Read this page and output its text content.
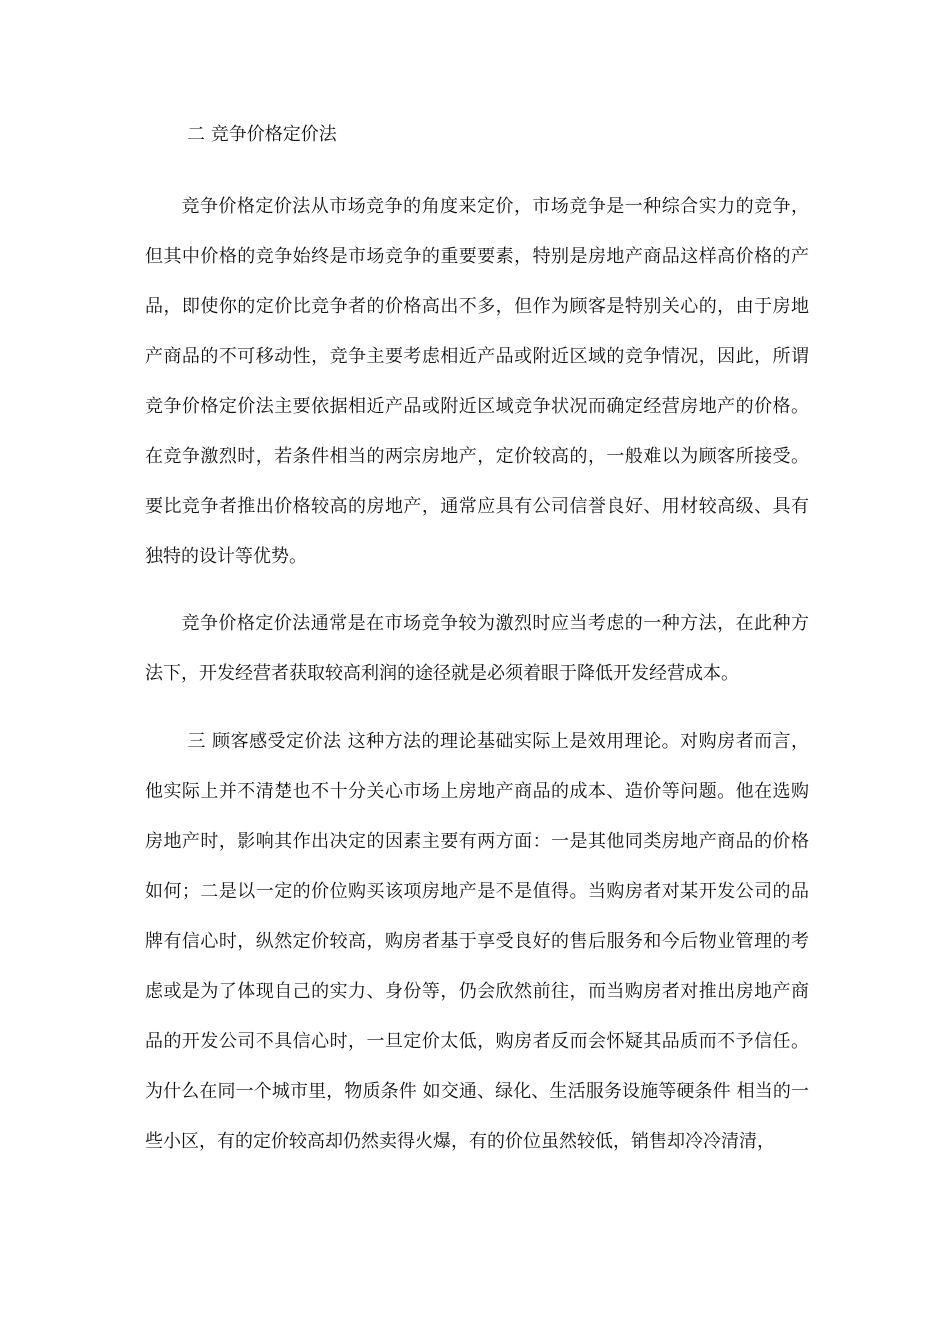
二 竞争价格定价法
竞争价格定价法从市场竞争的角度来定价，市场竞争是一种综合实力的竞争，但其中价格的竞争始终是市场竞争的重要要素，特别是房地产商品这样高价格的产品，即使你的定价比竞争者的价格高出不多，但作为顾客是特别关心的，由于房地产商品的不可移动性，竞争主要考虑相近产品或附近区域的竞争情况，因此，所谓竞争价格定价法主要依据相近产品或附近区域竞争状况而确定经营房地产的价格。在竞争激烈时，若条件相当的两宗房地产，定价较高的，一般难以为顾客所接受。要比竞争者推出价格较高的房地产，通常应具有公司信誉良好、用材较高级、具有独特的设计等优势。
竞争价格定价法通常是在市场竞争较为激烈时应当考虑的一种方法，在此种方法下，开发经营者获取较高利润的途径就是必须着眼于降低开发经营成本。
三 顾客感受定价法 这种方法的理论基础实际上是效用理论。对购房者而言，他实际上并不清楚也不十分关心市场上房地产商品的成本、造价等问题。他在选购房地产时，影响其作出决定的因素主要有两方面：一是其他同类房地产商品的价格如何；二是以一定的价位购买该项房地产是不是值得。当购房者对某开发公司的品牌有信心时，纵然定价较高，购房者基于享受良好的售后服务和今后物业管理的考虑或是为了体现自己的实力、身份等，仍会欣然前往，而当购房者对推出房地产商品的开发公司不具信心时，一旦定价太低，购房者反而会怀疑其品质而不予信任。为什么在同一个城市里，物质条件 如交通、绿化、生活服务设施等硬条件 相当的一些小区，有的定价较高却仍然卖得火爆，有的价位虽然较低，销售却冷冷清清，
